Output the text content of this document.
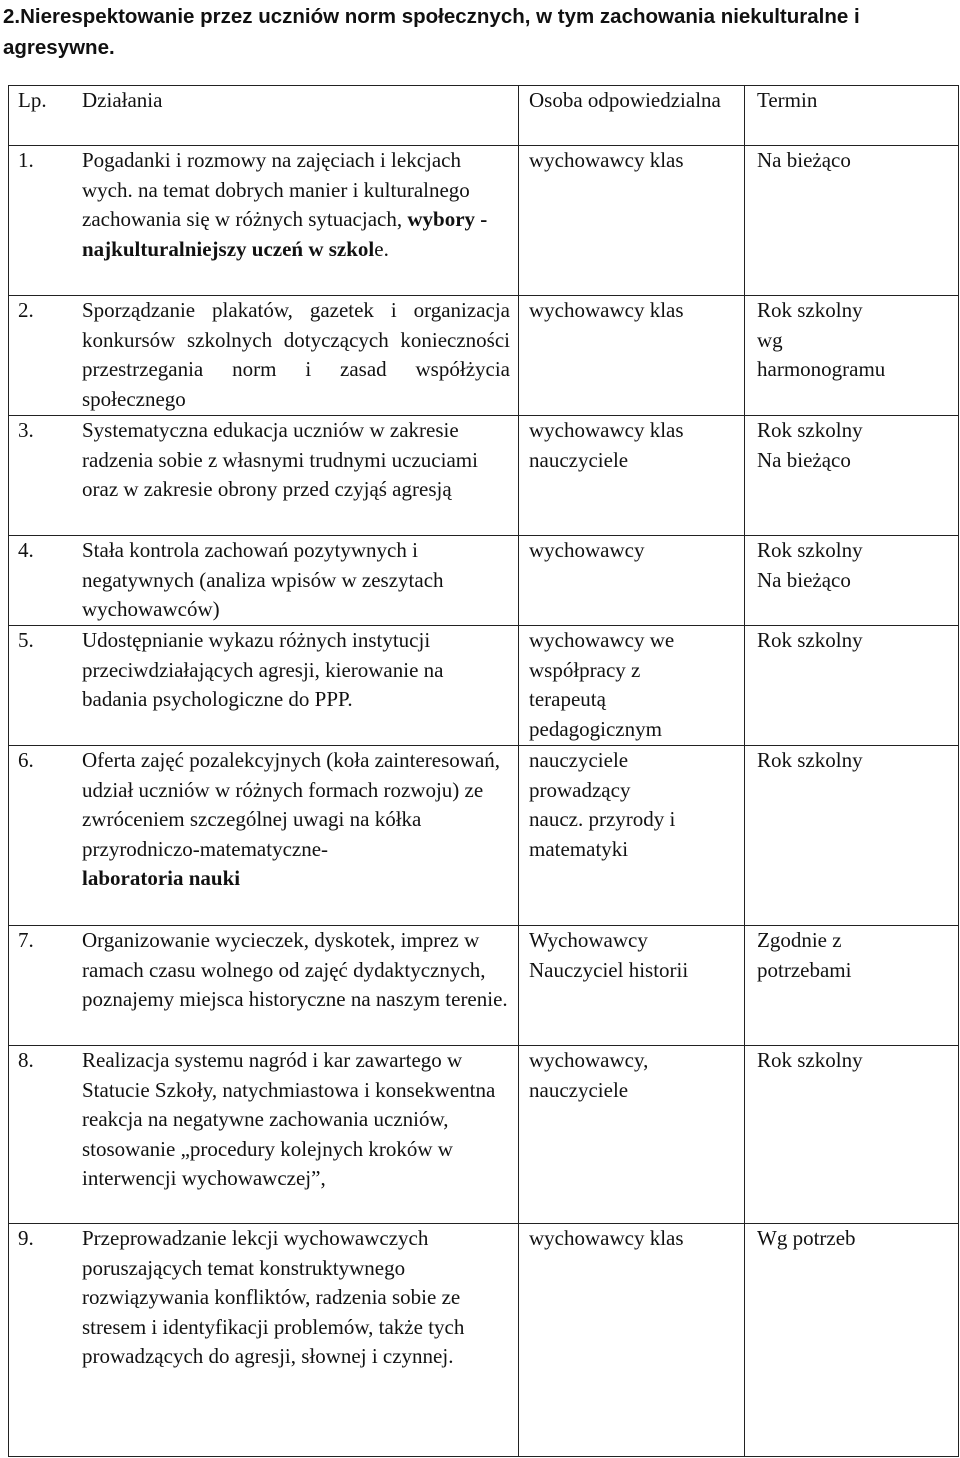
2.Nierespektowanie przez uczniów norm społecznych, w tym zachowania niekulturalne i agresywne.
Lp. Działania	Osoba odpowiedzialna	Termin

1. Pogadanki i rozmowy na zajęciach i lekcjach wych. na temat dobrych manier i kulturalnego zachowania się w różnych sytuacjach, wybory -najkulturalniejszy uczeń w szkole.	wychowawcy klas	Na bieżąco

2. Sporządzanie plakatów, gazetek i organizacja konkursów szkolnych dotyczących konieczności przestrzegania norm i zasad współżycia społecznego	wychowawcy klas	Rok szkolny
wg
harmonogramu

3. Systematyczna edukacja uczniów w zakresie radzenia sobie z własnymi trudnymi uczuciami oraz w zakresie obrony przed czyjąś agresją	wychowawcy klas
nauczyciele	Rok szkolny
Na bieżąco

4. Stała kontrola zachowań pozytywnych i negatywnych (analiza wpisów w zeszytach wychowawców)	wychowawcy	Rok szkolny
Na bieżąco

5. Udostępnianie wykazu różnych instytucji przeciwdziałających agresji, kierowanie na badania psychologiczne do PPP.	wychowawcy we
współpracy z
terapeutą
pedagogicznym	Rok szkolny

6. Oferta zajęć pozalekcyjnych (koła zainteresowań, udział uczniów w różnych formach rozwoju) ze zwróceniem szczególnej uwagi na kółka przyrodniczo-matematyczne-
laboratoria nauki	nauczyciele
prowadzący
naucz. przyrody i
matematyki	Rok szkolny

7. Organizowanie wycieczek, dyskotek, imprez w ramach czasu wolnego od zajęć dydaktycznych, poznajemy miejsca historyczne na naszym terenie.	Wychowawcy
Nauczyciel historii	Zgodnie z
potrzebami

8. Realizacja systemu nagród i kar zawartego w Statucie Szkoły, natychmiastowa i konsekwentna reakcja na negatywne zachowania uczniów, stosowanie „procedury kolejnych kroków w interwencji wychowawczej”,	wychowawcy,
nauczyciele	Rok szkolny

9. Przeprowadzanie lekcji wychowawczych poruszających temat konstruktywnego rozwiązywania konfliktów, radzenia sobie ze stresem i identyfikacji problemów, także tych prowadzących do agresji, słownej i czynnej.	wychowawcy klas	Wg potrzeb
